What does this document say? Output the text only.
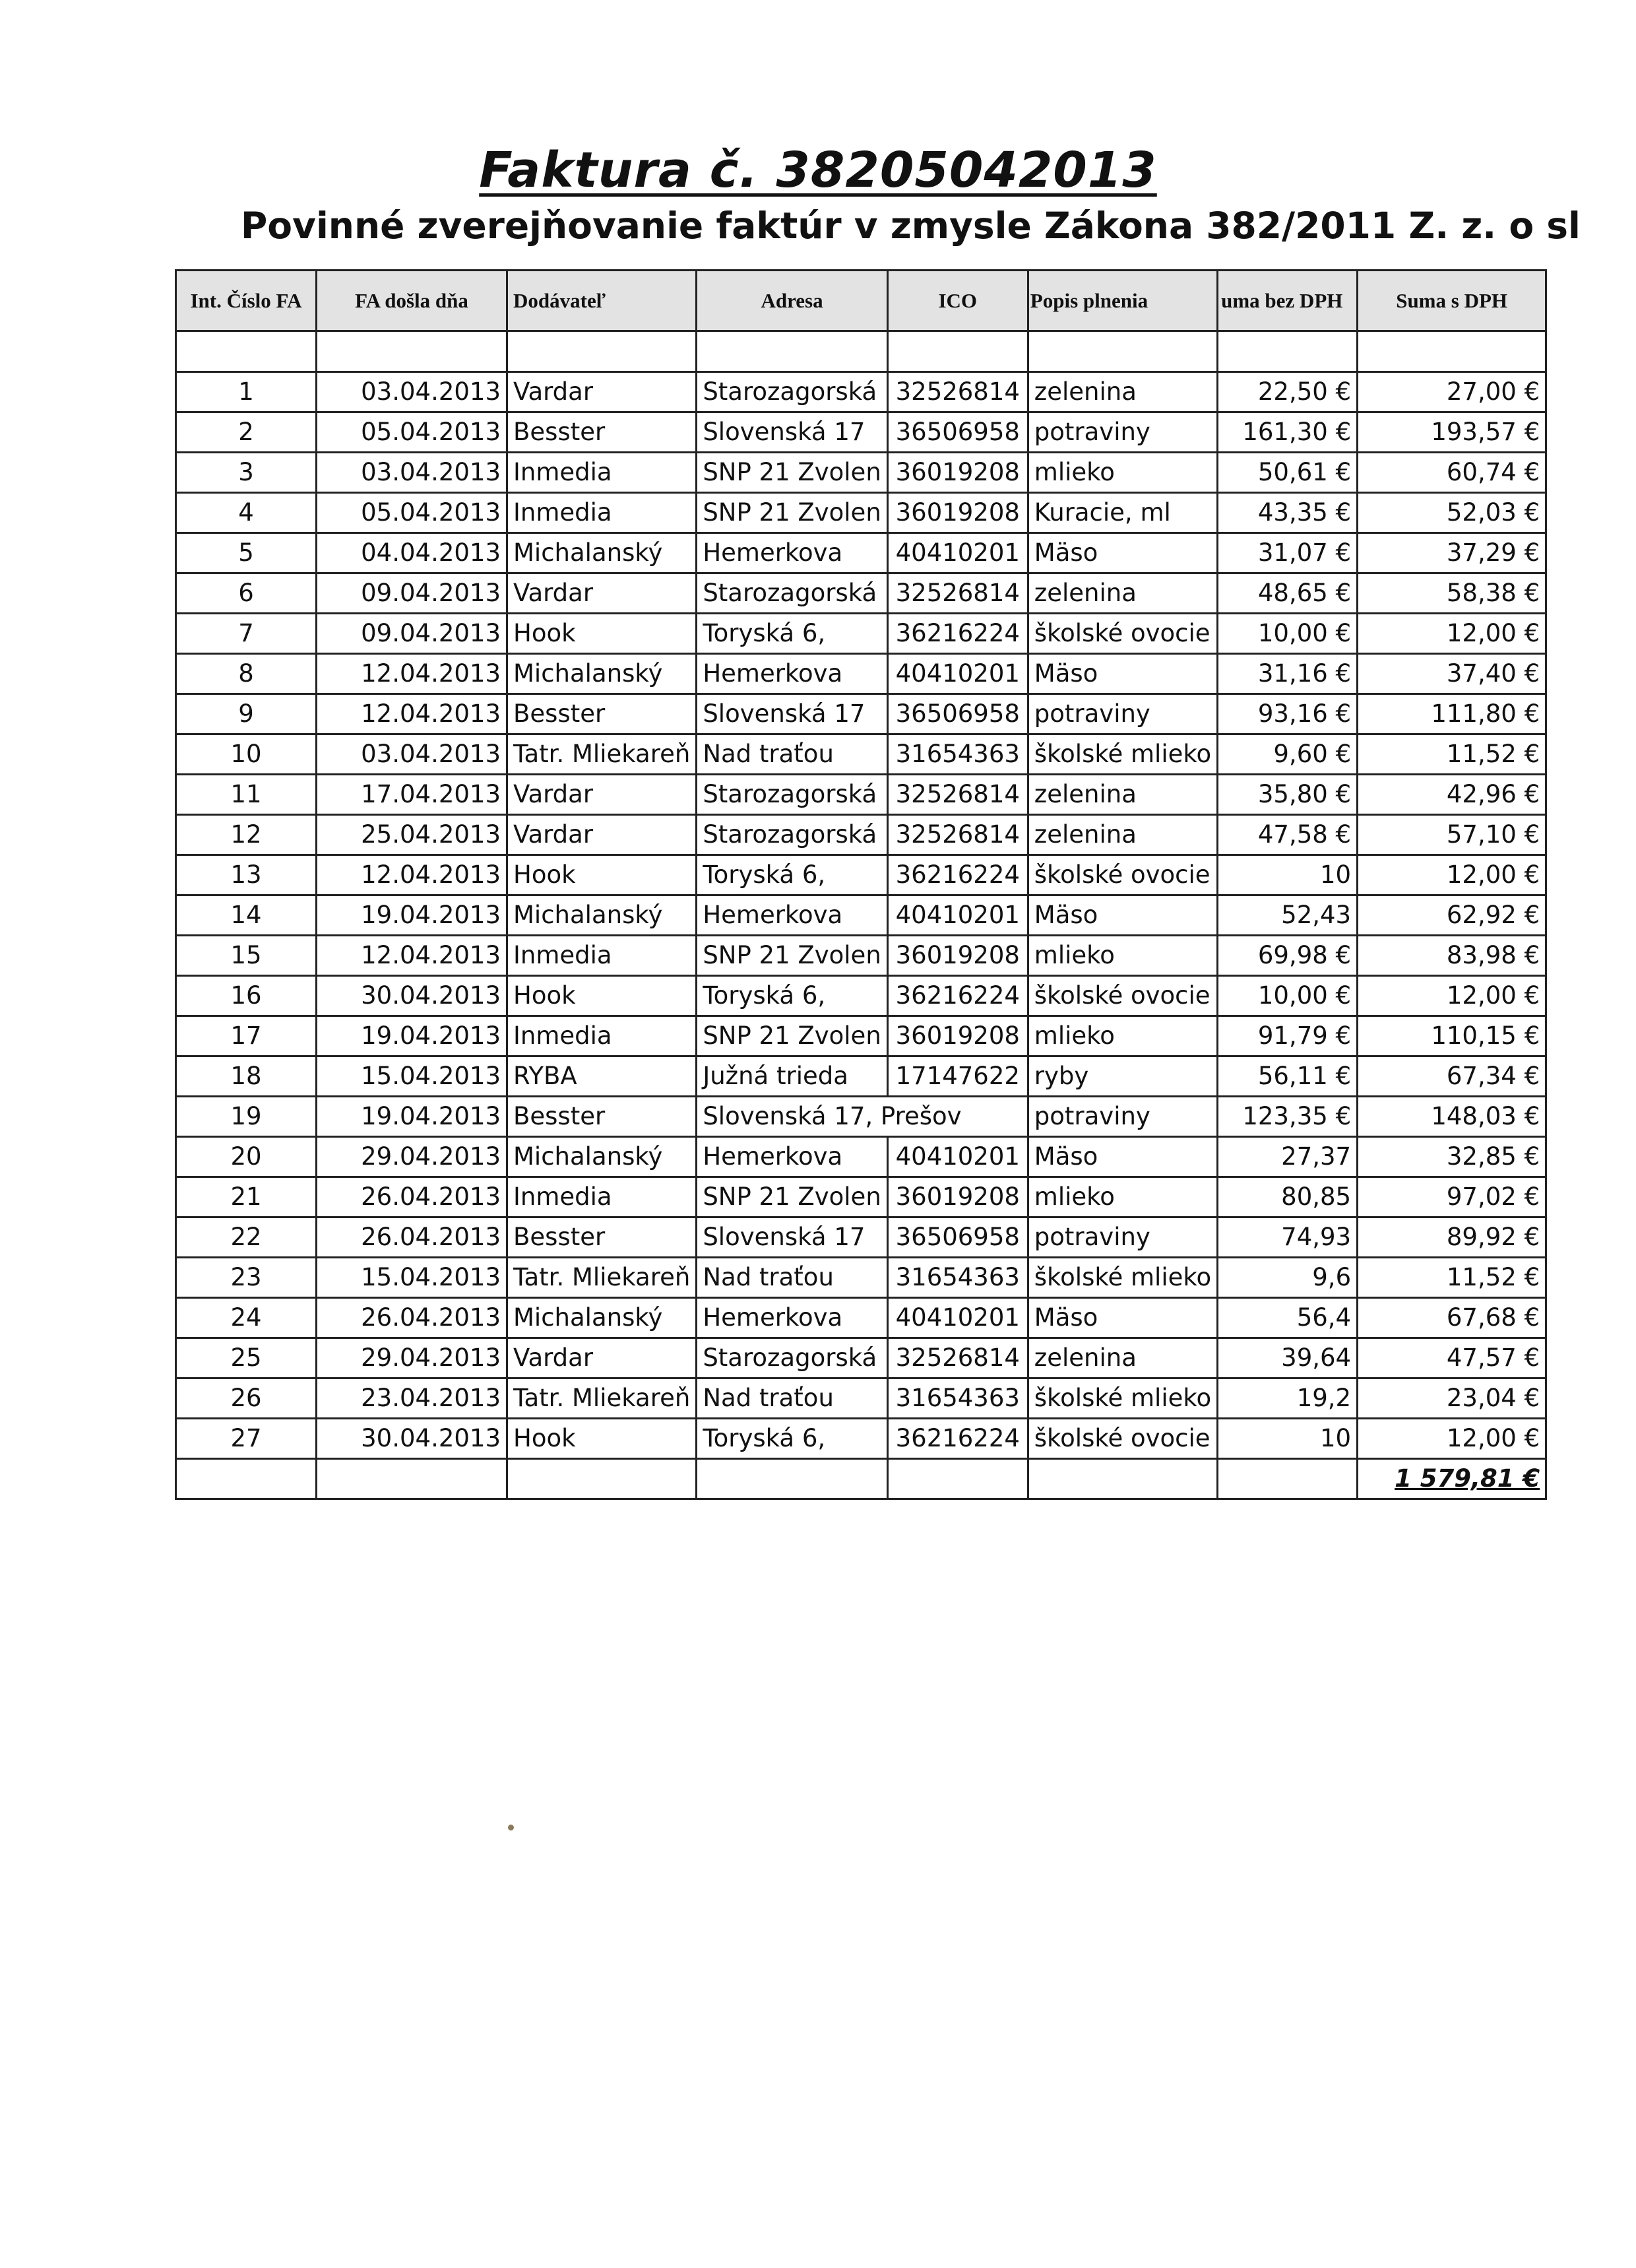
Faktura č. 38205042013
Povinné zverejňovanie faktúr v zmysle Zákona 382/2011 Z. z. o sl
Int. Číslo FA	FA došla dňa	Dodávateľ	Adresa	ICO	Popis plnenia	uma bez DPH	Suma s DPH

1	03.04.2013	Vardar	Starozagorská	32526814	zelenina	22,50 €	27,00 €
2	05.04.2013	Besster	Slovenská 17	36506958	potraviny	161,30 €	193,57 €
3	03.04.2013	Inmedia	SNP 21 Zvolen	36019208	mlieko	50,61 €	60,74 €
4	05.04.2013	Inmedia	SNP 21 Zvolen	36019208	Kuracie, ml	43,35 €	52,03 €
5	04.04.2013	Michalanský	Hemerkova	40410201	Mäso	31,07 €	37,29 €
6	09.04.2013	Vardar	Starozagorská	32526814	zelenina	48,65 €	58,38 €
7	09.04.2013	Hook	Toryská 6,	36216224	školské ovocie	10,00 €	12,00 €
8	12.04.2013	Michalanský	Hemerkova	40410201	Mäso	31,16 €	37,40 €
9	12.04.2013	Besster	Slovenská 17	36506958	potraviny	93,16 €	111,80 €
10	03.04.2013	Tatr. Mliekareň	Nad traťou	31654363	školské mlieko	9,60 €	11,52 €
11	17.04.2013	Vardar	Starozagorská	32526814	zelenina	35,80 €	42,96 €
12	25.04.2013	Vardar	Starozagorská	32526814	zelenina	47,58 €	57,10 €
13	12.04.2013	Hook	Toryská 6,	36216224	školské ovocie	10	12,00 €
14	19.04.2013	Michalanský	Hemerkova	40410201	Mäso	52,43	62,92 €
15	12.04.2013	Inmedia	SNP 21 Zvolen	36019208	mlieko	69,98 €	83,98 €
16	30.04.2013	Hook	Toryská 6,	36216224	školské ovocie	10,00 €	12,00 €
17	19.04.2013	Inmedia	SNP 21 Zvolen	36019208	mlieko	91,79 €	110,15 €
18	15.04.2013	RYBA	Južná trieda	17147622	ryby	56,11 €	67,34 €
19	19.04.2013	Besster	Slovenská 17, Prešov		potraviny	123,35 €	148,03 €
20	29.04.2013	Michalanský	Hemerkova	40410201	Mäso	27,37	32,85 €
21	26.04.2013	Inmedia	SNP 21 Zvolen	36019208	mlieko	80,85	97,02 €
22	26.04.2013	Besster	Slovenská 17	36506958	potraviny	74,93	89,92 €
23	15.04.2013	Tatr. Mliekareň	Nad traťou	31654363	školské mlieko	9,6	11,52 €
24	26.04.2013	Michalanský	Hemerkova	40410201	Mäso	56,4	67,68 €
25	29.04.2013	Vardar	Starozagorská	32526814	zelenina	39,64	47,57 €
26	23.04.2013	Tatr. Mliekareň	Nad traťou	31654363	školské mlieko	19,2	23,04 €
27	30.04.2013	Hook	Toryská 6,	36216224	školské ovocie	10	12,00 €
							1 579,81 €
